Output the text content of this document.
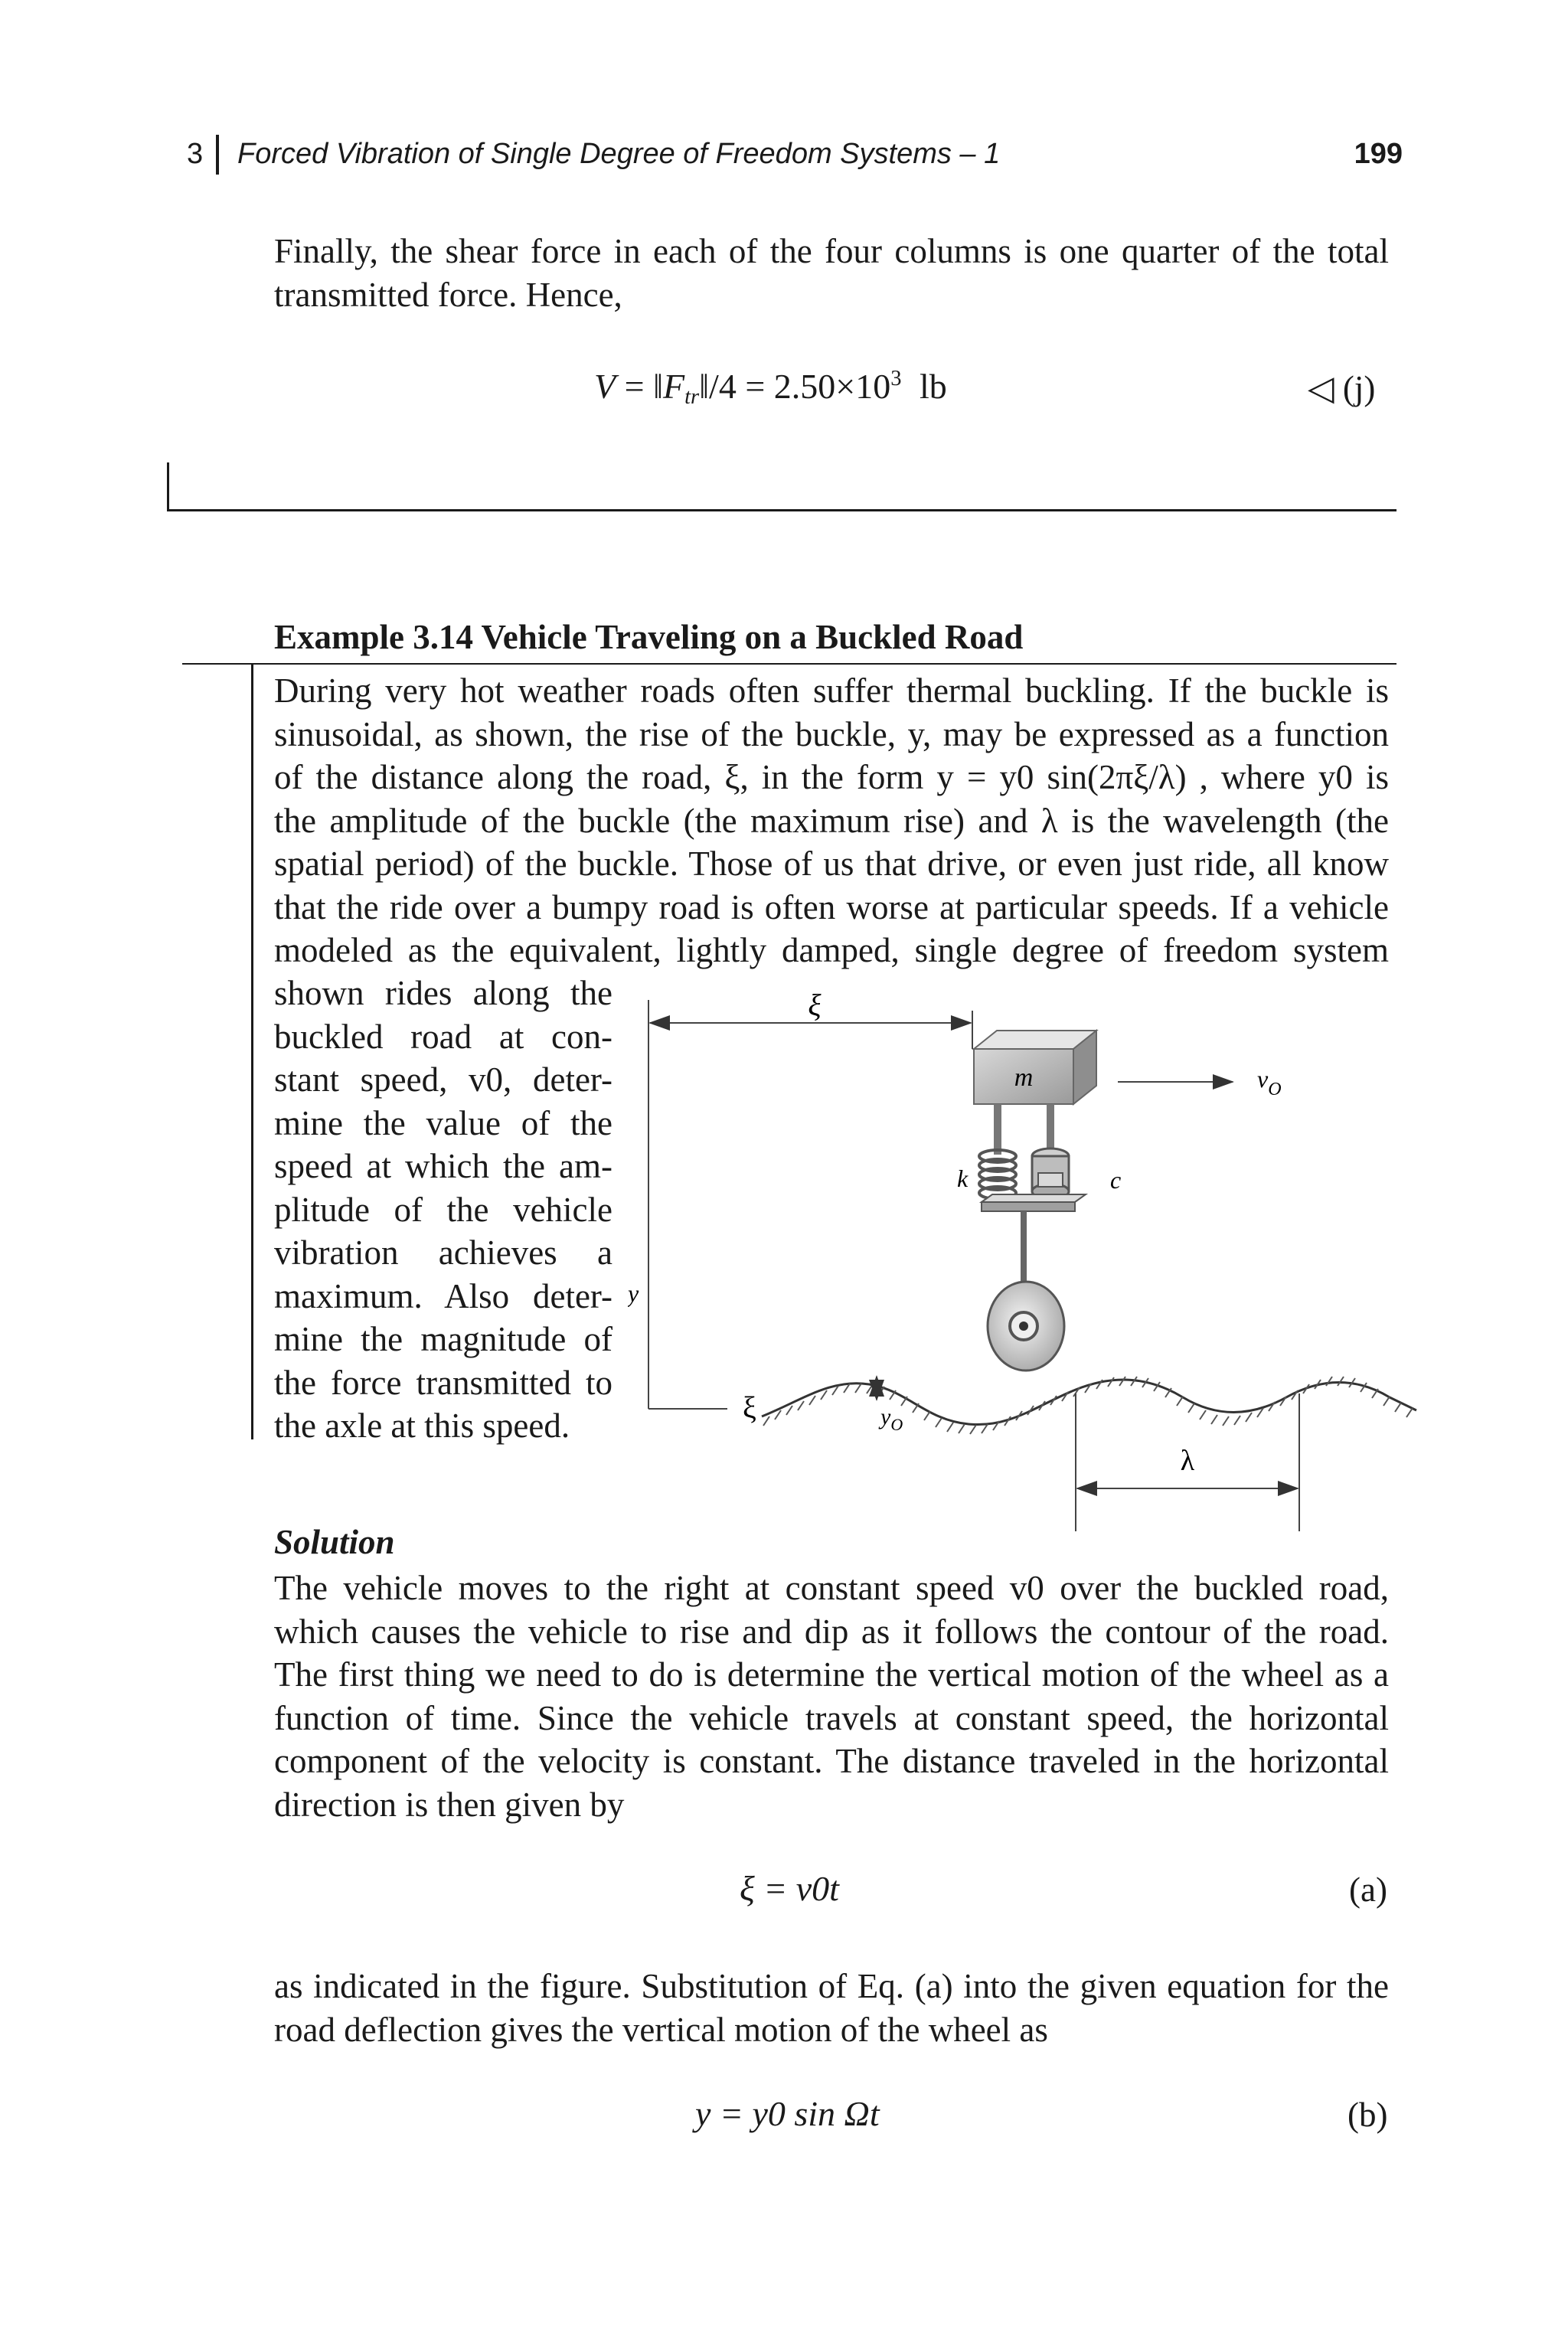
3 Forced Vibration of Single Degree of Freedom Systems – 1	199
Finally, the shear force in each of the four columns is one quarter of the total
transmitted force. Hence,
$V = ‖F_{tr}‖/4 = 2.50\times 10^3$ lb	◁ (j)
Example 3.14 Vehicle Traveling on a Buckled Road
During very hot weather roads often suffer thermal buckling. If the buckle is
sinusoidal, as shown, the rise of the buckle, y, may be expressed as a function
of the distance along the road, ξ, in the form y = y0 sin(2πξ/λ) , where y0 is
the amplitude of the buckle (the maximum rise) and λ is the wavelength (the
spatial period) of the buckle. Those of us that drive, or even just ride, all know
that the ride over a bumpy road is often worse at particular speeds. If a vehicle
modeled as the equivalent, lightly damped, single degree of freedom system
shown rides along the
buckled road at con-
stant speed, v0, deter-
mine the value of the
speed at which the am-
plitude of the vehicle
vibration achieves a
maximum. Also deter-
mine the magnitude of
the force transmitted to
the axle at this speed.
ξ
m	$v_O$
k	c
y
ξ	$y_O$
λ
Solution
The vehicle moves to the right at constant speed v0 over the buckled road,
which causes the vehicle to rise and dip as it follows the contour of the road.
The first thing we need to do is determine the vertical motion of the wheel as a
function of time. Since the vehicle travels at constant speed, the horizontal
component of the velocity is constant. The distance traveled in the horizontal
direction is then given by
ξ = v0t	(a)
as indicated in the figure. Substitution of Eq. (a) into the given equation for the
road deflection gives the vertical motion of the wheel as
y = y0 sin Ωt	(b)
